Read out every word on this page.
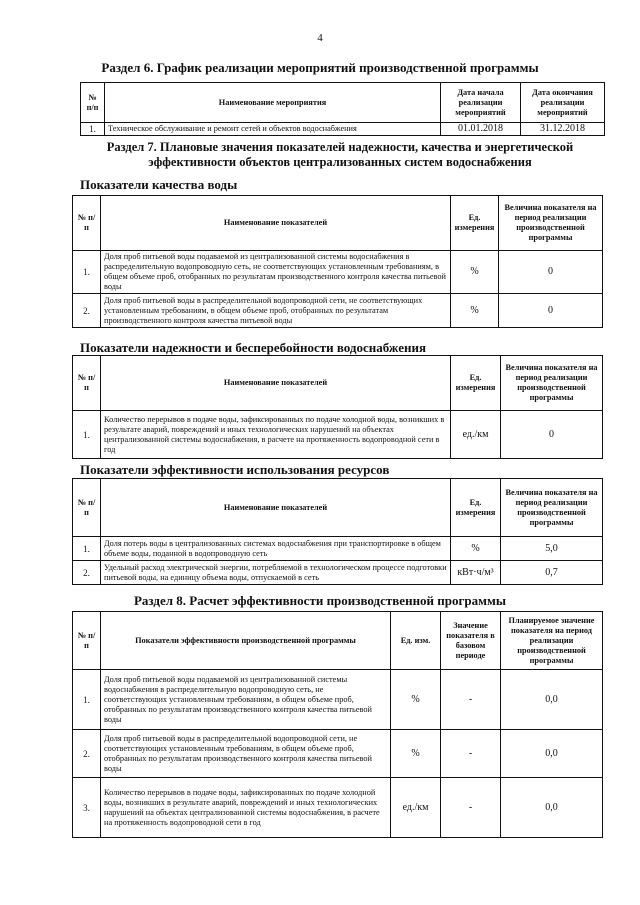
4
Раздел 6. График реализации мероприятий производственной программы
№ п/п	Наименование мероприятия	Дата начала реализации мероприятий	Дата окончания реализации мероприятий
1.	Техническое обслуживание и ремонт сетей и объектов водоснабжения	01.01.2018	31.12.2018
Раздел 7. Плановые значения показателей надежности, качества и энергетической
эффективности объектов централизованных систем водоснабжения
Показатели качества воды
№ п/п	Наименование показателей	Ед. измерения	Величина показателя на период реализации производственной программы
1.	Доля проб питьевой воды подаваемой из централизованной системы водоснабжения в распределительную водопроводную сеть, не соответствующих установленным требованиям, в общем объеме проб, отобранных по результатам производственного контроля качества питьевой воды	%	0
2.	Доля проб питьевой воды в распределительной водопроводной сети, не соответствующих установленным требованиям, в общем объеме проб, отобранных по результатам производственного контроля качества питьевой воды	%	0
Показатели надежности и бесперебойности водоснабжения
№ п/п	Наименование показателей	Ед. измерения	Величина показателя на период реализации производственной программы
1.	Количество перерывов в подаче воды, зафиксированных по подаче холодной воды, возникших в результате аварий, повреждений и иных технологических нарушений на объектах централизованной системы водоснабжения, в расчете на протяженность водопроводной сети в год	ед./км	0
Показатели эффективности использования ресурсов
№ п/п	Наименование показателей	Ед. измерения	Величина показателя на период реализации производственной программы
1.	Доля потерь воды в централизованных системах водоснабжения при транспортировке в общем объеме воды, поданной в водопроводную сеть	%	5,0
2.	Удельный расход электрической энергии, потребляемой в технологическом процессе подготовки питьевой воды, на единицу объема воды, отпускаемой в сеть	кВт·ч/м³	0,7
Раздел 8. Расчет эффективности производственной программы
№ п/п	Показатели эффективности производственной программы	Ед. изм.	Значение показателя в базовом периоде	Планируемое значение показателя на период реализации производственной программы
1.	Доля проб питьевой воды подаваемой из централизованной системы водоснабжения в распределительную водопроводную сеть, не соответствующих установленным требованиям, в общем объеме проб, отобранных по результатам производственного контроля качества питьевой воды	%	-	0,0
2.	Доля проб питьевой воды в распределительной водопроводной сети, не соответствующих установленным требованиям, в общем объеме проб, отобранных по результатам производственного контроля качества питьевой воды	%	-	0,0
3.	Количество перерывов в подаче воды, зафиксированных по подаче холодной воды, возникших в результате аварий, повреждений и иных технологических нарушений на объектах централизованной системы водоснабжения, в расчете на протяженность водопроводной сети в год	ед./км	-	0,0
